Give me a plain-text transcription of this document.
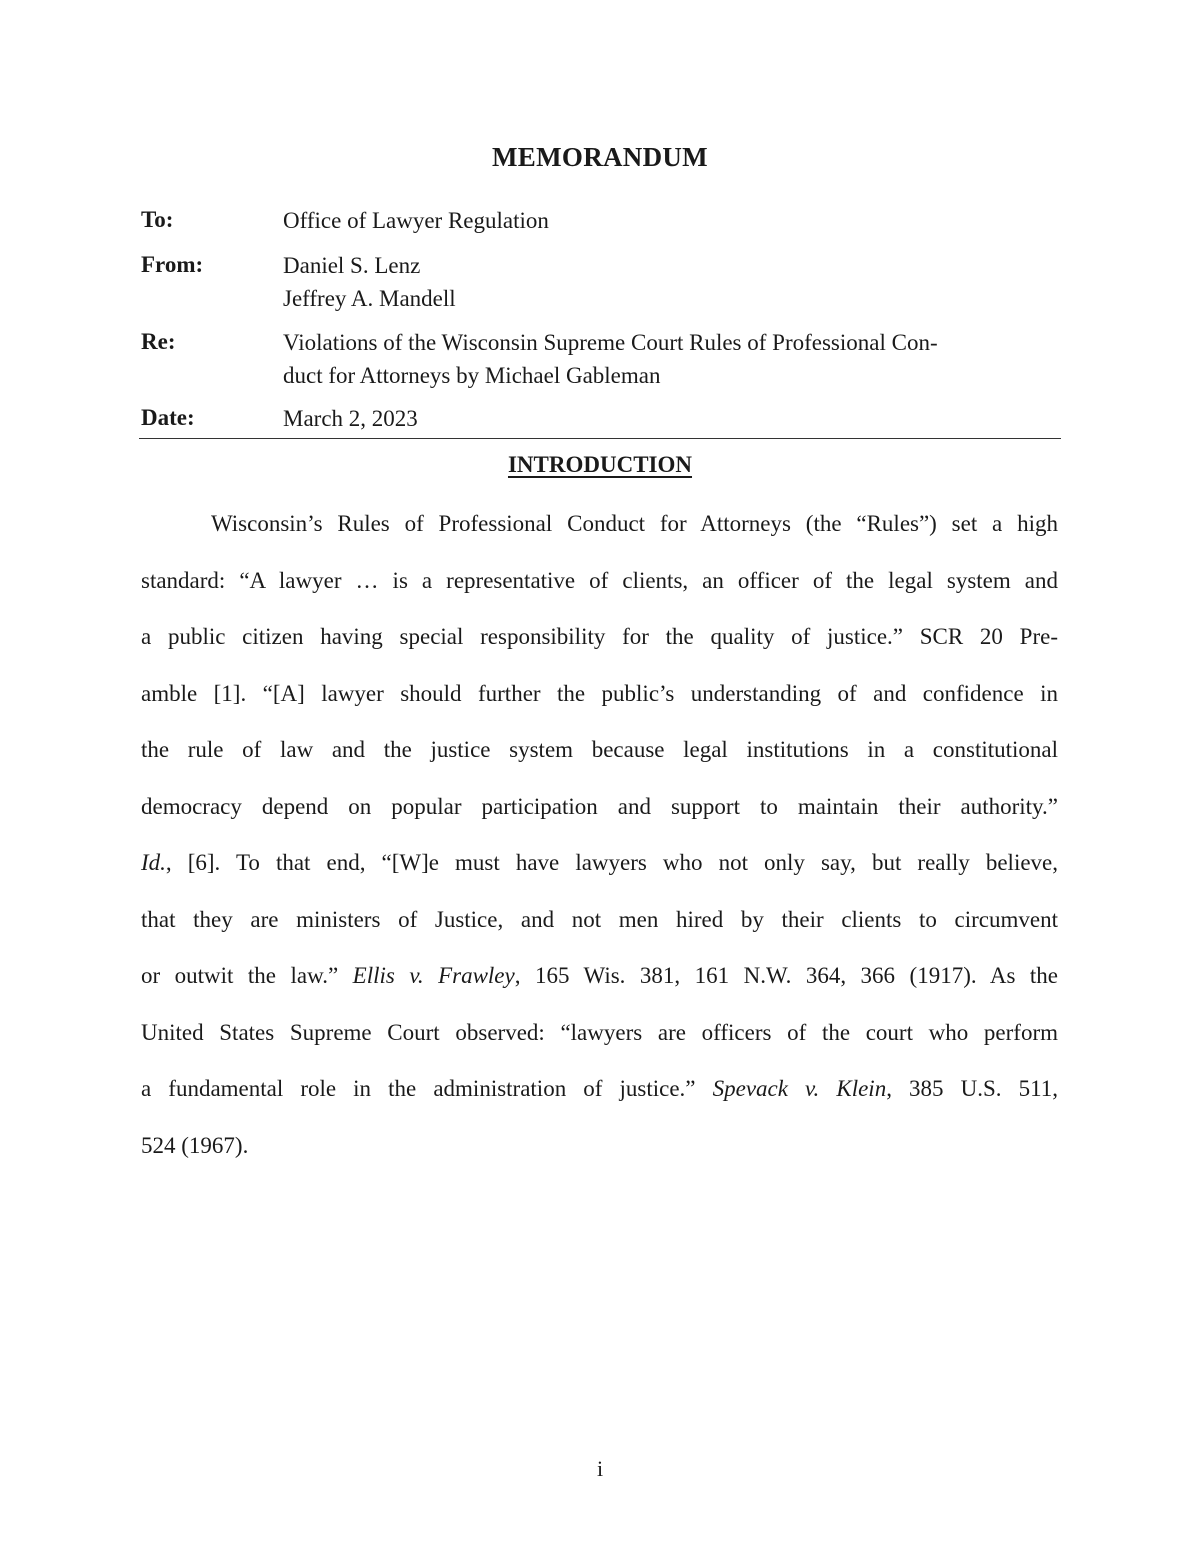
MEMORANDUM
To:	Office of Lawyer Regulation
From:	Daniel S. Lenz
Jeffrey A. Mandell
Re:	Violations of the Wisconsin Supreme Court Rules of Professional Con-
duct for Attorneys by Michael Gableman
Date:	March 2, 2023
INTRODUCTION
Wisconsin’s Rules of Professional Conduct for Attorneys (the “Rules”) set a high
standard: “A lawyer … is a representative of clients, an officer of the legal system and
a public citizen having special responsibility for the quality of justice.” SCR 20 Pre-
amble [1]. “[A] lawyer should further the public’s understanding of and confidence in
the rule of law and the justice system because legal institutions in a constitutional
democracy depend on popular participation and support to maintain their authority.”
Id., [6]. To that end, “[W]e must have lawyers who not only say, but really believe,
that they are ministers of Justice, and not men hired by their clients to circumvent
or outwit the law.” Ellis v. Frawley, 165 Wis. 381, 161 N.W. 364, 366 (1917). As the
United States Supreme Court observed: “lawyers are officers of the court who perform
a fundamental role in the administration of justice.” Spevack v. Klein, 385 U.S. 511,
524 (1967).
i
